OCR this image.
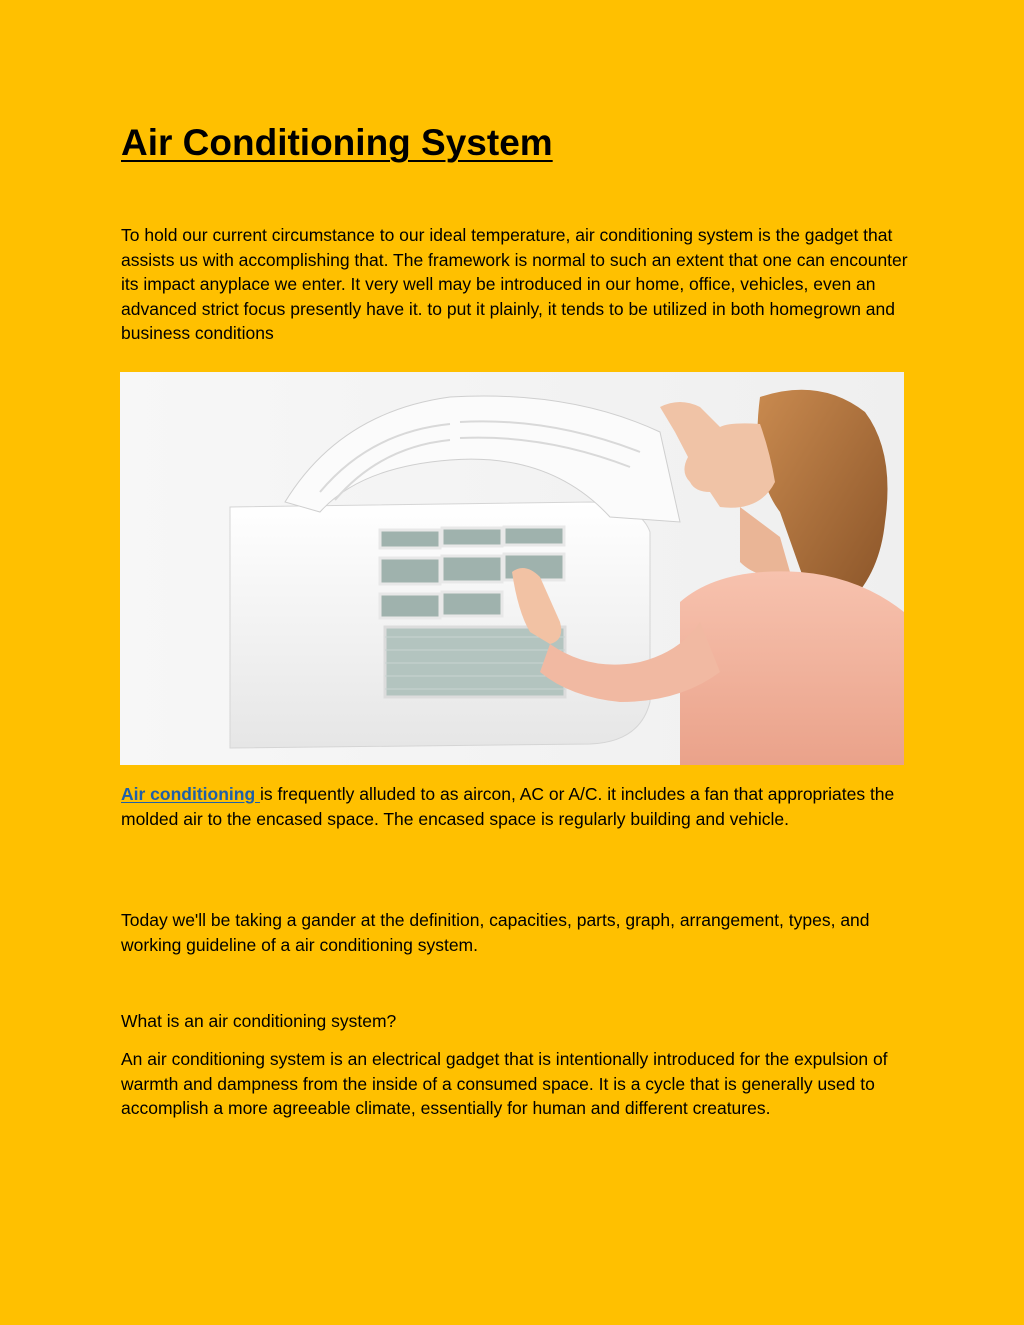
Air Conditioning System

To hold our current circumstance to our ideal temperature, air conditioning system is the gadget that assists us with accomplishing that. The framework is normal to such an extent that one can encounter its impact anyplace we enter. It very well may be introduced in our home, office, vehicles, even an advanced strict focus presently have it. to put it plainly, it tends to be utilized in both homegrown and business conditions

Air conditioning is frequently alluded to as aircon, AC or A/C. it includes a fan that appropriates the molded air to the encased space. The encased space is regularly building and vehicle.

Today we'll be taking a gander at the definition, capacities, parts, graph, arrangement, types, and working guideline of a air conditioning system.

What is an air conditioning system?

An air conditioning system is an electrical gadget that is intentionally introduced for the expulsion of warmth and dampness from the inside of a consumed space. It is a cycle that is generally used to accomplish a more agreeable climate, essentially for human and different creatures.
